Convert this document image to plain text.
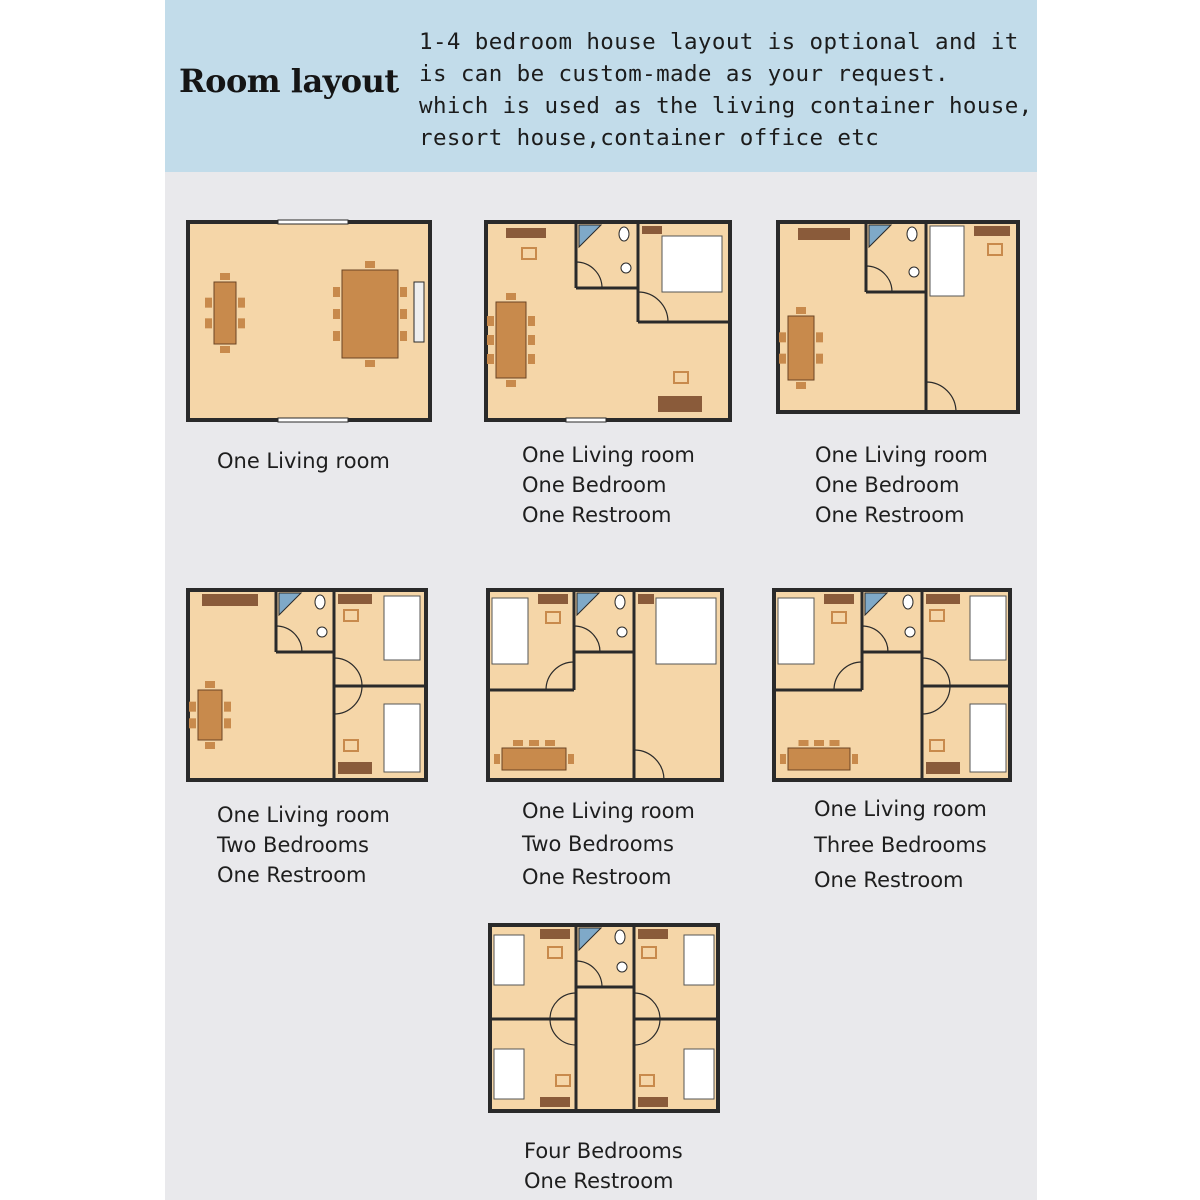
Room layout
1-4 bedroom house layout is optional and it
is can be custom-made as your request.
which is used as the living container house,
resort house,container office etc
One Living room	One Living room
One Bedroom
One Restroom
One Living room
One Bedroom
One Restroom
One Living room
Two Bedrooms
One Restroom
One Living room
Two Bedrooms
One Restroom
One Living room
Three Bedrooms
One Restroom
Four Bedrooms
One Restroom
